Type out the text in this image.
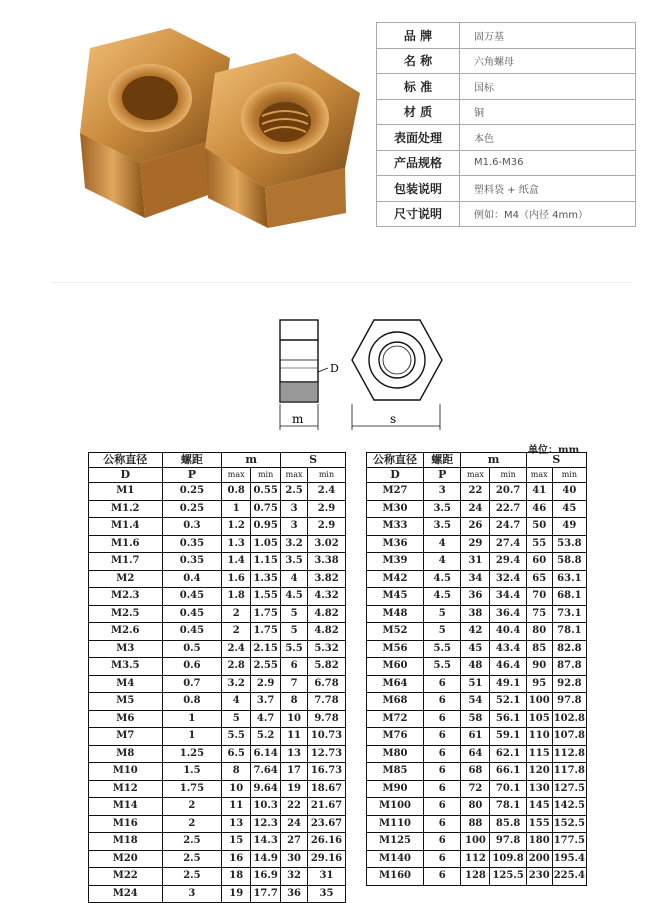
品 牌	固万基
名 称	六角螺母
标 准	国标
材 质	铜
表面处理	本色
产品规格	M1.6-M36
包装说明	塑料袋 + 纸盒
尺寸说明	例如：M4（内径 4mm）
D
m	s
单位：mm
公称直径	螺距	m		S	
D	P				
		max	min	max	min
M1	0.25	0.8	0.55	2.5	2.4
M1.2	0.25	1	0.75	3	2.9
M1.4	0.3	1.2	0.95	3	2.9
M1.6	0.35	1.3	1.05	3.2	3.02
M1.7	0.35	1.4	1.15	3.5	3.38
M2	0.4	1.6	1.35	4	3.82
M2.3	0.45	1.8	1.55	4.5	4.32
M2.5	0.45	2	1.75	5	4.82
M2.6	0.45	2	1.75	5	4.82
M3	0.5	2.4	2.15	5.5	5.32
M3.5	0.6	2.8	2.55	6	5.82
M4	0.7	3.2	2.9	7	6.78
M5	0.8	4	3.7	8	7.78
M6	1	5	4.7	10	9.78
M7	1	5.5	5.2	11	10.73
M8	1.25	6.5	6.14	13	12.73
M10	1.5	8	7.64	17	16.73
M12	1.75	10	9.64	19	18.67
M14	2	11	10.3	22	21.67
M16	2	13	12.3	24	23.67
M18	2.5	15	14.3	27	26.16
M20	2.5	16	14.9	30	29.16
M22	2.5	18	16.9	32	31
M24	3	19	17.7	36	35
公称直径	螺距	m		S	
D	P				
		max	min	max	min
M27	3	22	20.7	41	40
M30	3.5	24	22.7	46	45
M33	3.5	26	24.7	50	49
M36	4	29	27.4	55	53.8
M39	4	31	29.4	60	58.8
M42	4.5	34	32.4	65	63.1
M45	4.5	36	34.4	70	68.1
M48	5	38	36.4	75	73.1
M52	5	42	40.4	80	78.1
M56	5.5	45	43.4	85	82.8
M60	5.5	48	46.4	90	87.8
M64	6	51	49.1	95	92.8
M68	6	54	52.1	100	97.8
M72	6	58	56.1	105	102.8
M76	6	61	59.1	110	107.8
M80	6	64	62.1	115	112.8
M85	6	68	66.1	120	117.8
M90	6	72	70.1	130	127.5
M100	6	80	78.1	145	142.5
M110	6	88	85.8	155	152.5
M125	6	100	97.8	180	177.5
M140	6	112	109.8	200	195.4
M160	6	128	125.5	230	225.4
